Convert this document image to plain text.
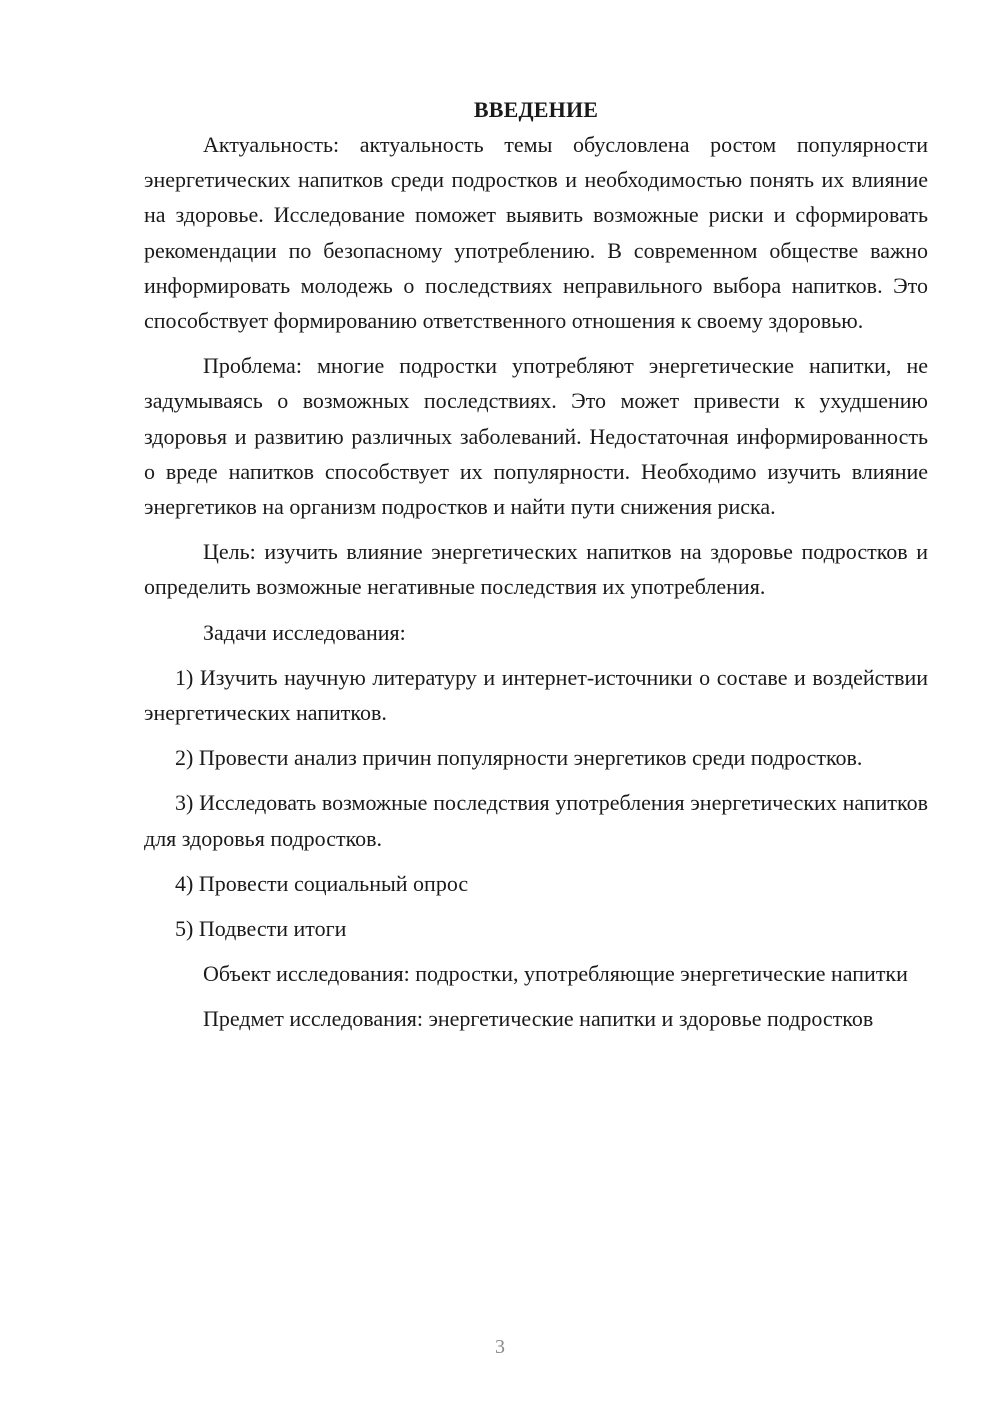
ВВЕДЕНИЕ

Актуальность: актуальность темы обусловлена ростом популярности энергетических напитков среди подростков и необходимостью понять их влияние на здоровье. Исследование поможет выявить возможные риски и сформировать рекомендации по безопасному употреблению. В современном обществе важно информировать молодежь о последствиях неправильного выбора напитков. Это способствует формированию ответственного отношения к своему здоровью.

Проблема: многие подростки употребляют энергетические напитки, не задумываясь о возможных последствиях. Это может привести к ухудшению здоровья и развитию различных заболеваний. Недостаточная информированность о вреде напитков способствует их популярности. Необходимо изучить влияние энергетиков на организм подростков и найти пути снижения риска.

Цель: изучить влияние энергетических напитков на здоровье подростков и определить возможные негативные последствия их употребления.

Задачи исследования:

1) Изучить научную литературу и интернет-источники о составе и воздействии энергетических напитков.

2) Провести анализ причин популярности энергетиков среди подростков.

3) Исследовать возможные последствия употребления энергетических напитков для здоровья подростков.

4) Провести социальный опрос

5) Подвести итоги

Объект исследования: подростки, употребляющие энергетические напитки

Предмет исследования: энергетические напитки и здоровье подростков

3
